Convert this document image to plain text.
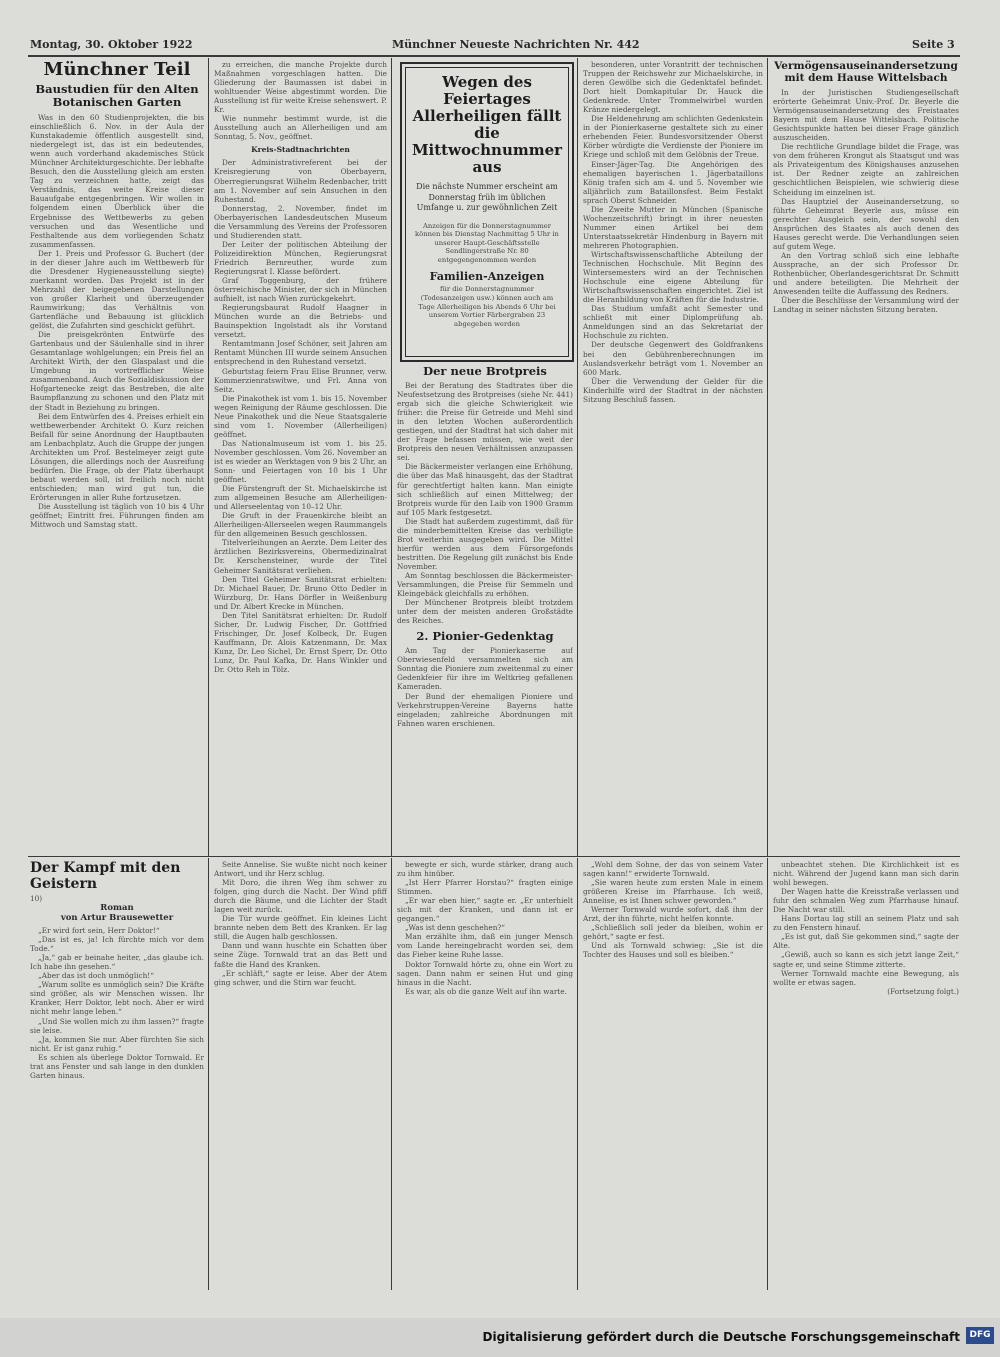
Montag, 30. Oktober 1922	Münchner Neueste Nachrichten Nr. 442	Seite 3
Münchner Teil
Baustudien für den Alten Botanischen Garten

Was in den 60 Studienprojekten, die bis einschließlich 6. Nov. in der Aula der Kunstakademie öffentlich ausgestellt sind, niedergelegt ist, das ist ein bedeutendes, wenn auch vorderhand akademisches Stück Münchner Architekturgeschichte. Der lebhafte Besuch, den die Ausstellung gleich am ersten Tag zu verzeichnen hatte, zeigt das Verständnis, das weite Kreise dieser Bauaufgabe entgegenbringen. Wir wollen in folgendem einen Überblick über die Ergebnisse des Wettbewerbs zu geben versuchen und das Wesentliche und Festhaltende aus dem vorliegenden Schatz zusammenfassen.

Der 1. Preis und Professor G. Buchert (der in der dieser Jahre auch im Wettbewerb für die Dresdener Hygieneausstellung siegte) zuerkannt worden. Das Projekt ist in der Mehrzahl der beigegebenen Darstellungen von großer Klarheit und überzeugender Raumwirkung; das Verhältnis von Gartenfläche und Bebauung ist glücklich gelöst, die Zufahrten sind geschickt geführt.

Die preisgekrönten Entwürfe des Gartenbaus und der Säulenhalle sind in ihrer Gesamtanlage wohlgelungen; ein Preis fiel an Architekt Wirth, der den Glaspalast und die Umgebung in vortrefflicher Weise zusammenband. Auch die Sozialdiskussion der Hofgartenecke zeigt das Bestreben, die alte Baumpflanzung zu schonen und den Platz mit der Stadt in Beziehung zu bringen.

Bei dem Entwürfen des 4. Preises erhielt ein wettbewerbender Architekt O. Kurz reichen Beifall für seine Anordnung der Hauptbauten am Lenbachplatz. Auch die Gruppe der jungen Architekten um Prof. Bestelmeyer zeigt gute Lösungen, die allerdings noch der Ausreifung bedürfen. Die Frage, ob der Platz überhaupt bebaut werden soll, ist freilich noch nicht entschieden; man wird gut tun, die Erörterungen in aller Ruhe fortzusetzen.

Die Ausstellung ist täglich von 10 bis 4 Uhr geöffnet; Eintritt frei. Führungen finden am Mittwoch und Samstag statt.

zu erreichen, die manche Projekte durch Maßnahmen vorgeschlagen hatten. Die Gliederung der Baumassen ist dabei in wohltuender Weise abgestimmt worden. Die Ausstellung ist für weite Kreise sehenswert. P. Kr.

Wie nunmehr bestimmt wurde, ist die Ausstellung auch an Allerheiligen und am Sonntag, 5. Nov., geöffnet.

Kreis-Stadtnachrichten

Der Administrativreferent bei der Kreisregierung von Oberbayern, Oberregierungsrat Wilhelm Redenbacher, tritt am 1. November auf sein Ansuchen in den Ruhestand.

Donnerstag, 2. November, findet im Oberbayerischen Landesdeutschen Museum die Versammlung des Vereins der Professoren und Studierenden statt.

Der Leiter der politischen Abteilung der Polizeidirektion München, Regierungsrat Friedrich Bernreuther, wurde zum Regierungsrat I. Klasse befördert.

Graf Toggenburg, der frühere österreichische Minister, der sich in München aufhielt, ist nach Wien zurückgekehrt.

Regierungsbaurat Rudolf Haagner in München wurde an die Betriebs- und Bauinspektion Ingolstadt als ihr Vorstand versetzt.

Rentamtmann Josef Schöner, seit Jahren am Rentamt München III wurde seinem Ansuchen entsprechend in den Ruhestand versetzt.

Geburtstag feiern Frau Elise Brunner, verw. Kommerzienratswitwe, und Frl. Anna von Seitz.

Die Pinakothek ist vom 1. bis 15. November wegen Reinigung der Räume geschlossen. Die Neue Pinakothek und die Neue Staatsgalerie sind vom 1. November (Allerheiligen) geöffnet.

Das Nationalmuseum ist vom 1. bis 25. November geschlossen. Vom 26. November an ist es wieder an Werktagen von 9 bis 2 Uhr, an Sonn- und Feiertagen von 10 bis 1 Uhr geöffnet.

Die Fürstengruft der St. Michaelskirche ist zum allgemeinen Besuche am Allerheiligen- und Allerseelentag von 10–12 Uhr.

Die Gruft in der Frauenkirche bleibt an Allerheiligen-Allerseelen wegen Raummangels für den allgemeinen Besuch geschlossen.

Titelverleihungen an Aerzte. Dem Leiter des ärztlichen Bezirksvereins, Obermedizinalrat Dr. Kerschensteiner, wurde der Titel Geheimer Sanitätsrat verliehen.

Den Titel Geheimer Sanitätsrat erhielten: Dr. Michael Bauer, Dr. Bruno Otto Dedler in Würzburg, Dr. Hans Dörfler in Weißenburg und Dr. Albert Krecke in München.

Den Titel Sanitätsrat erhielten: Dr. Rudolf Sicher, Dr. Ludwig Fischer, Dr. Gottfried Frischinger, Dr. Josef Kolbeck, Dr. Eugen Kauffmann, Dr. Alois Katzenmann, Dr. Max Kunz, Dr. Leo Sichel, Dr. Ernst Sperr, Dr. Otto Lunz, Dr. Paul Kafka, Dr. Hans Winkler und Dr. Otto Reh in Tölz.

Wegen des Feiertages Allerheiligen fällt die Mittwochnummer aus
Die nächste Nummer erscheint am Donnerstag früh im üblichen Umfange u. zur gewöhnlichen Zeit
Anzeigen für die Donnerstagnummer können bis Dienstag Nachmittag 5 Uhr in unserer Haupt-Geschäftsstelle Sendlingerstraße Nr. 80 entgegengenommen werden
Familien-Anzeigen
für die Donnerstagnummer (Todesanzeigen usw.) können auch am Tage Allerheiligen bis Abends 6 Uhr bei unserem Vortier Färbergraben 23 abgegeben werden
Der neue Brotpreis

Bei der Beratung des Stadtrates über die Neufestsetzung des Brotpreises (siehe Nr. 441) ergab sich die gleiche Schwierigkeit wie früher: die Preise für Getreide und Mehl sind in den letzten Wochen außerordentlich gestiegen, und der Stadtrat hat sich daher mit der Frage befassen müssen, wie weit der Brotpreis den neuen Verhältnissen anzupassen sei.

Die Bäckermeister verlangen eine Erhöhung, die über das Maß hinausgeht, das der Stadtrat für gerechtfertigt halten kann. Man einigte sich schließlich auf einen Mittelweg; der Brotpreis wurde für den Laib von 1900 Gramm auf 105 Mark festgesetzt.

Die Stadt hat außerdem zugestimmt, daß für die minderbemittelten Kreise das verbilligte Brot weiterhin ausgegeben wird. Die Mittel hierfür werden aus dem Fürsorgefonds bestritten. Die Regelung gilt zunächst bis Ende November.

Am Sonntag beschlossen die Bäckermeister-Versammlungen, die Preise für Semmeln und Kleingebäck gleichfalls zu erhöhen.

Der Münchener Brotpreis bleibt trotzdem unter dem der meisten anderen Großstädte des Reiches.

2. Pionier-Gedenktag

Am Tag der Pionierkaserne auf Oberwiesenfeld versammelten sich am Sonntag die Pioniere zum zweitenmal zu einer Gedenkfeier für ihre im Weltkrieg gefallenen Kameraden.

Der Bund der ehemaligen Pioniere und Verkehrstruppen-Vereine Bayerns hatte eingeladen; zahlreiche Abordnungen mit Fahnen waren erschienen.

besonderen, unter Vorantritt der technischen Truppen der Reichswehr zur Michaelskirche, in deren Gewölbe sich die Gedenktafel befindet. Dort hielt Domkapitular Dr. Hauck die Gedenkrede. Unter Trommelwirbel wurden Kränze niedergelegt.

Die Heldenehrung am schlichten Gedenkstein in der Pionierkaserne gestaltete sich zu einer erhebenden Feier. Bundesvorsitzender Oberst Körber würdigte die Verdienste der Pioniere im Kriege und schloß mit dem Gelöbnis der Treue.

Einser-Jäger-Tag. Die Angehörigen des ehemaligen bayerischen 1. Jägerbataillons König trafen sich am 4. und 5. November wie alljährlich zum Bataillonsfest. Beim Festakt sprach Oberst Schneider.

Die Zweite Mutter in München (Spanische Wochenzeitschrift) bringt in ihrer neuesten Nummer einen Artikel bei dem Unterstaatssekretär Hindenburg in Bayern mit mehreren Photographien.

Wirtschaftswissenschaftliche Abteilung der Technischen Hochschule. Mit Beginn des Wintersemesters wird an der Technischen Hochschule eine eigene Abteilung für Wirtschaftswissenschaften eingerichtet. Ziel ist die Heranbildung von Kräften für die Industrie.

Das Studium umfaßt acht Semester und schließt mit einer Diplomprüfung ab. Anmeldungen sind an das Sekretariat der Hochschule zu richten.

Der deutsche Gegenwert des Goldfrankens bei den Gebührenberechnungen im Auslandsverkehr beträgt vom 1. November an 600 Mark.

Über die Verwendung der Gelder für die Kinderhilfe wird der Stadtrat in der nächsten Sitzung Beschluß fassen.

Vermögensauseinandersetzung mit dem Hause Wittelsbach

In der Juristischen Studiengesellschaft erörterte Geheimrat Univ.-Prof. Dr. Beyerle die Vermögensauseinandersetzung des Freistaates Bayern mit dem Hause Wittelsbach. Politische Gesichtspunkte hatten bei dieser Frage gänzlich auszuscheiden.

Die rechtliche Grundlage bildet die Frage, was von dem früheren Krongut als Staatsgut und was als Privateigentum des Königshauses anzusehen ist. Der Redner zeigte an zahlreichen geschichtlichen Beispielen, wie schwierig diese Scheidung im einzelnen ist.

Das Hauptziel der Auseinandersetzung, so führte Geheimrat Beyerle aus, müsse ein gerechter Ausgleich sein, der sowohl den Ansprüchen des Staates als auch denen des Hauses gerecht werde. Die Verhandlungen seien auf gutem Wege.

An den Vortrag schloß sich eine lebhafte Aussprache, an der sich Professor Dr. Rothenbücher, Oberlandesgerichtsrat Dr. Schmitt und andere beteiligten. Die Mehrheit der Anwesenden teilte die Auffassung des Redners.

Über die Beschlüsse der Versammlung wird der Landtag in seiner nächsten Sitzung beraten.

Der Kampf mit den Geistern
10)
Roman
von Artur Brausewetter

„Er wird fort sein, Herr Doktor!“

„Das ist es, ja! Ich fürchte mich vor dem Tode.“

„Ja,“ gab er beinahe heiter, „das glaube ich. Ich habe ihn gesehen.“

„Aber das ist doch unmöglich!“

„Warum sollte es unmöglich sein? Die Kräfte sind größer, als wir Menschen wissen. Ihr Kranker, Herr Doktor, lebt noch. Aber er wird nicht mehr lange leben.“

„Und Sie wollen mich zu ihm lassen?“ fragte sie leise.

„Ja, kommen Sie nur. Aber fürchten Sie sich nicht. Er ist ganz ruhig.“

Es schien als überlege Doktor Tornwald. Er trat ans Fenster und sah lange in den dunklen Garten hinaus.

Seite Annelise. Sie wußte nicht noch keiner Antwort, und ihr Herz schlug.

Mit Doro, die ihren Weg ihm schwer zu folgen, ging durch die Nacht. Der Wind pfiff durch die Bäume, und die Lichter der Stadt lagen weit zurück.

Die Tür wurde geöffnet. Ein kleines Licht brannte neben dem Bett des Kranken. Er lag still, die Augen halb geschlossen.

Dann und wann huschte ein Schatten über seine Züge. Tornwald trat an das Bett und faßte die Hand des Kranken.

„Er schläft,“ sagte er leise. Aber der Atem ging schwer, und die Stirn war feucht.

bewegte er sich, wurde stärker, drang auch zu ihm hinüber.

„Ist Herr Pfarrer Horstau?“ fragten einige Stimmen.

„Er war eben hier,“ sagte er. „Er unterhielt sich mit der Kranken, und dann ist er gegangen.“

„Was ist denn geschehen?“

Man erzählte ihm, daß ein junger Mensch vom Lande hereingebracht worden sei, dem das Fieber keine Ruhe lasse.

Doktor Tornwald hörte zu, ohne ein Wort zu sagen. Dann nahm er seinen Hut und ging hinaus in die Nacht.

Es war, als ob die ganze Welt auf ihn warte.

„Wohl dem Sohne, der das von seinem Vater sagen kann!“ erwiderte Tornwald.

„Sie waren heute zum ersten Male in einem größeren Kreise im Pfarrhause. Ich weiß, Annelise, es ist Ihnen schwer geworden.“

Werner Tornwald wurde sofort, daß ihm der Arzt, der ihn führte, nicht helfen konnte.

„Schließlich soll jeder da bleiben, wohin er gehört,“ sagte er fest.

Und als Tornwald schwieg: „Sie ist die Tochter des Hauses und soll es bleiben.“

unbeachtet stehen. Die Kirchlichkeit ist es nicht. Während der Jugend kann man sich darin wohl bewegen.

Der Wagen hatte die Kreisstraße verlassen und fuhr den schmalen Weg zum Pfarrhause hinauf. Die Nacht war still.

Hans Dortau lag still an seinem Platz und sah zu den Fenstern hinauf.

„Es ist gut, daß Sie gekommen sind,“ sagte der Alte.

„Gewiß, auch so kann es sich jetzt lange Zeit,“ sagte er, und seine Stimme zitterte.

Werner Tornwald machte eine Bewegung, als wollte er etwas sagen.

(Fortsetzung folgt.)

Digitalisierung gefördert durch die Deutsche Forschungsgemeinschaft	DFG
